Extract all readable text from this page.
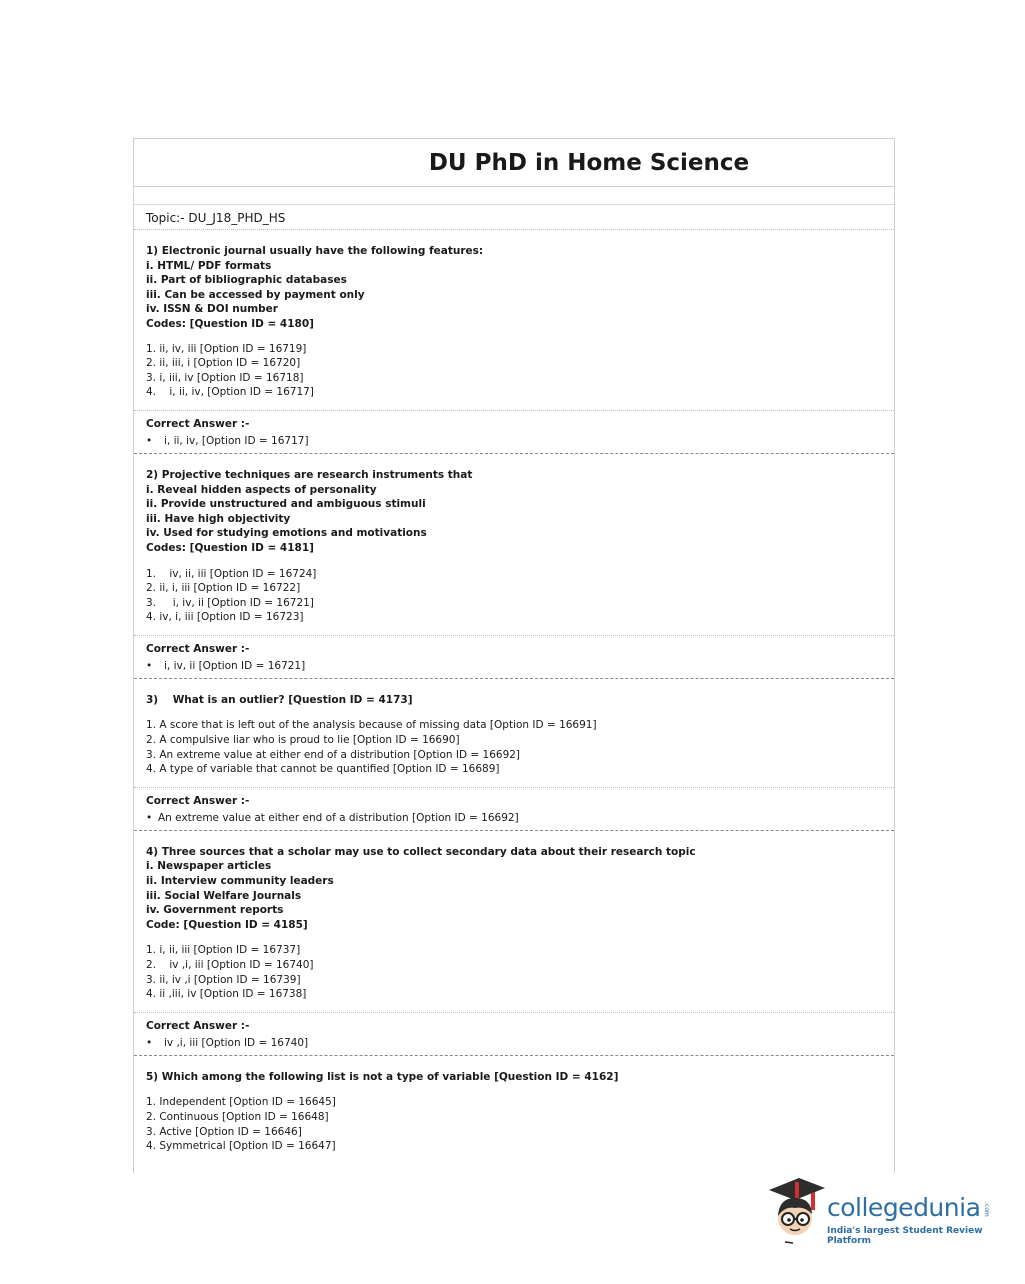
DU PhD in Home Science
Topic:- DU_J18_PHD_HS
1) Electronic journal usually have the following features:
i. HTML/ PDF formats
ii. Part of bibliographic databases
iii. Can be accessed by payment only
iv. ISSN & DOI number
Codes: [Question ID = 4180]
1. ii, iv, iii [Option ID = 16719]
2. ii, iii, i [Option ID = 16720]
3. i, iii, iv [Option ID = 16718]
4.    i, ii, iv, [Option ID = 16717]
Correct Answer :-
•	i, ii, iv, [Option ID = 16717]
2) Projective techniques are research instruments that
i. Reveal hidden aspects of personality
ii. Provide unstructured and ambiguous stimuli
iii. Have high objectivity
iv. Used for studying emotions and motivations
Codes: [Question ID = 4181]
1.    iv, ii, iii [Option ID = 16724]
2. ii, i, iii [Option ID = 16722]
3.     i, iv, ii [Option ID = 16721]
4. iv, i, iii [Option ID = 16723]
Correct Answer :-
•	i, iv, ii [Option ID = 16721]
3)    What is an outlier? [Question ID = 4173]
1. A score that is left out of the analysis because of missing data [Option ID = 16691]
2. A compulsive liar who is proud to lie [Option ID = 16690]
3. An extreme value at either end of a distribution [Option ID = 16692]
4. A type of variable that cannot be quantified [Option ID = 16689]
Correct Answer :-
• An extreme value at either end of a distribution [Option ID = 16692]
4) Three sources that a scholar may use to collect secondary data about their research topic
i. Newspaper articles
ii. Interview community leaders
iii. Social Welfare Journals
iv. Government reports
Code: [Question ID = 4185]
1. i, ii, iii [Option ID = 16737]
2.    iv ,i, iii [Option ID = 16740]
3. ii, iv ,i [Option ID = 16739]
4. ii ,iii, iv [Option ID = 16738]
Correct Answer :-
•	iv ,i, iii [Option ID = 16740]
5) Which among the following list is not a type of variable [Question ID = 4162]
1. Independent [Option ID = 16645]
2. Continuous [Option ID = 16648]
3. Active [Option ID = 16646]
4. Symmetrical [Option ID = 16647]
collegedunia .com
India's largest Student Review Platform
